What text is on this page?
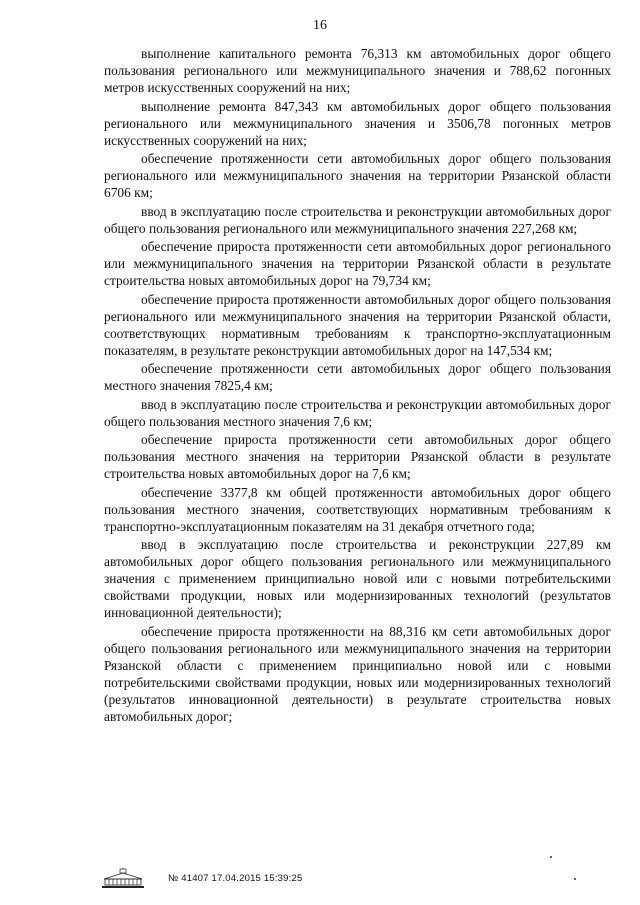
16

выполнение капитального ремонта 76,313 км автомобильных дорог общего пользования регионального или межмуниципального значения и 788,62 погонных метров искусственных сооружений на них;

выполнение ремонта 847,343 км автомобильных дорог общего пользования регионального или межмуниципального значения и 3506,78 погонных метров искусственных сооружений на них;

обеспечение протяженности сети автомобильных дорог общего пользования регионального или межмуниципального значения на территории Рязанской области 6706 км;

ввод в эксплуатацию после строительства и реконструкции автомобильных дорог общего пользования регионального или межмуниципального значения 227,268 км;

обеспечение прироста протяженности сети автомобильных дорог регионального или межмуниципального значения на территории Рязанской области в результате строительства новых автомобильных дорог на 79,734 км;

обеспечение прироста протяженности автомобильных дорог общего пользования регионального или межмуниципального значения на территории Рязанской области, соответствующих нормативным требованиям к транспортно-эксплуатационным показателям, в результате реконструкции автомобильных дорог на 147,534 км;

обеспечение протяженности сети автомобильных дорог общего пользования местного значения 7825,4 км;

ввод в эксплуатацию после строительства и реконструкции автомобильных дорог общего пользования местного значения 7,6 км;

обеспечение прироста протяженности сети автомобильных дорог общего пользования местного значения на территории Рязанской области в результате строительства новых автомобильных дорог на 7,6 км;

обеспечение 3377,8 км общей протяженности автомобильных дорог общего пользования местного значения, соответствующих нормативным требованиям к транспортно-эксплуатационным показателям на 31 декабря отчетного года;

ввод в эксплуатацию после строительства и реконструкции 227,89 км автомобильных дорог общего пользования регионального или межмуниципального значения с применением принципиально новой или с новыми потребительскими свойствами продукции, новых или модернизированных технологий (результатов инновационной деятельности);

обеспечение прироста протяженности на 88,316 км сети автомобильных дорог общего пользования регионального или межмуниципального значения на территории Рязанской области с применением принципиально новой или с новыми потребительскими свойствами продукции, новых или модернизированных технологий (результатов инновационной деятельности) в результате строительства новых автомобильных дорог;

№ 41407 17.04.2015 15:39:25
